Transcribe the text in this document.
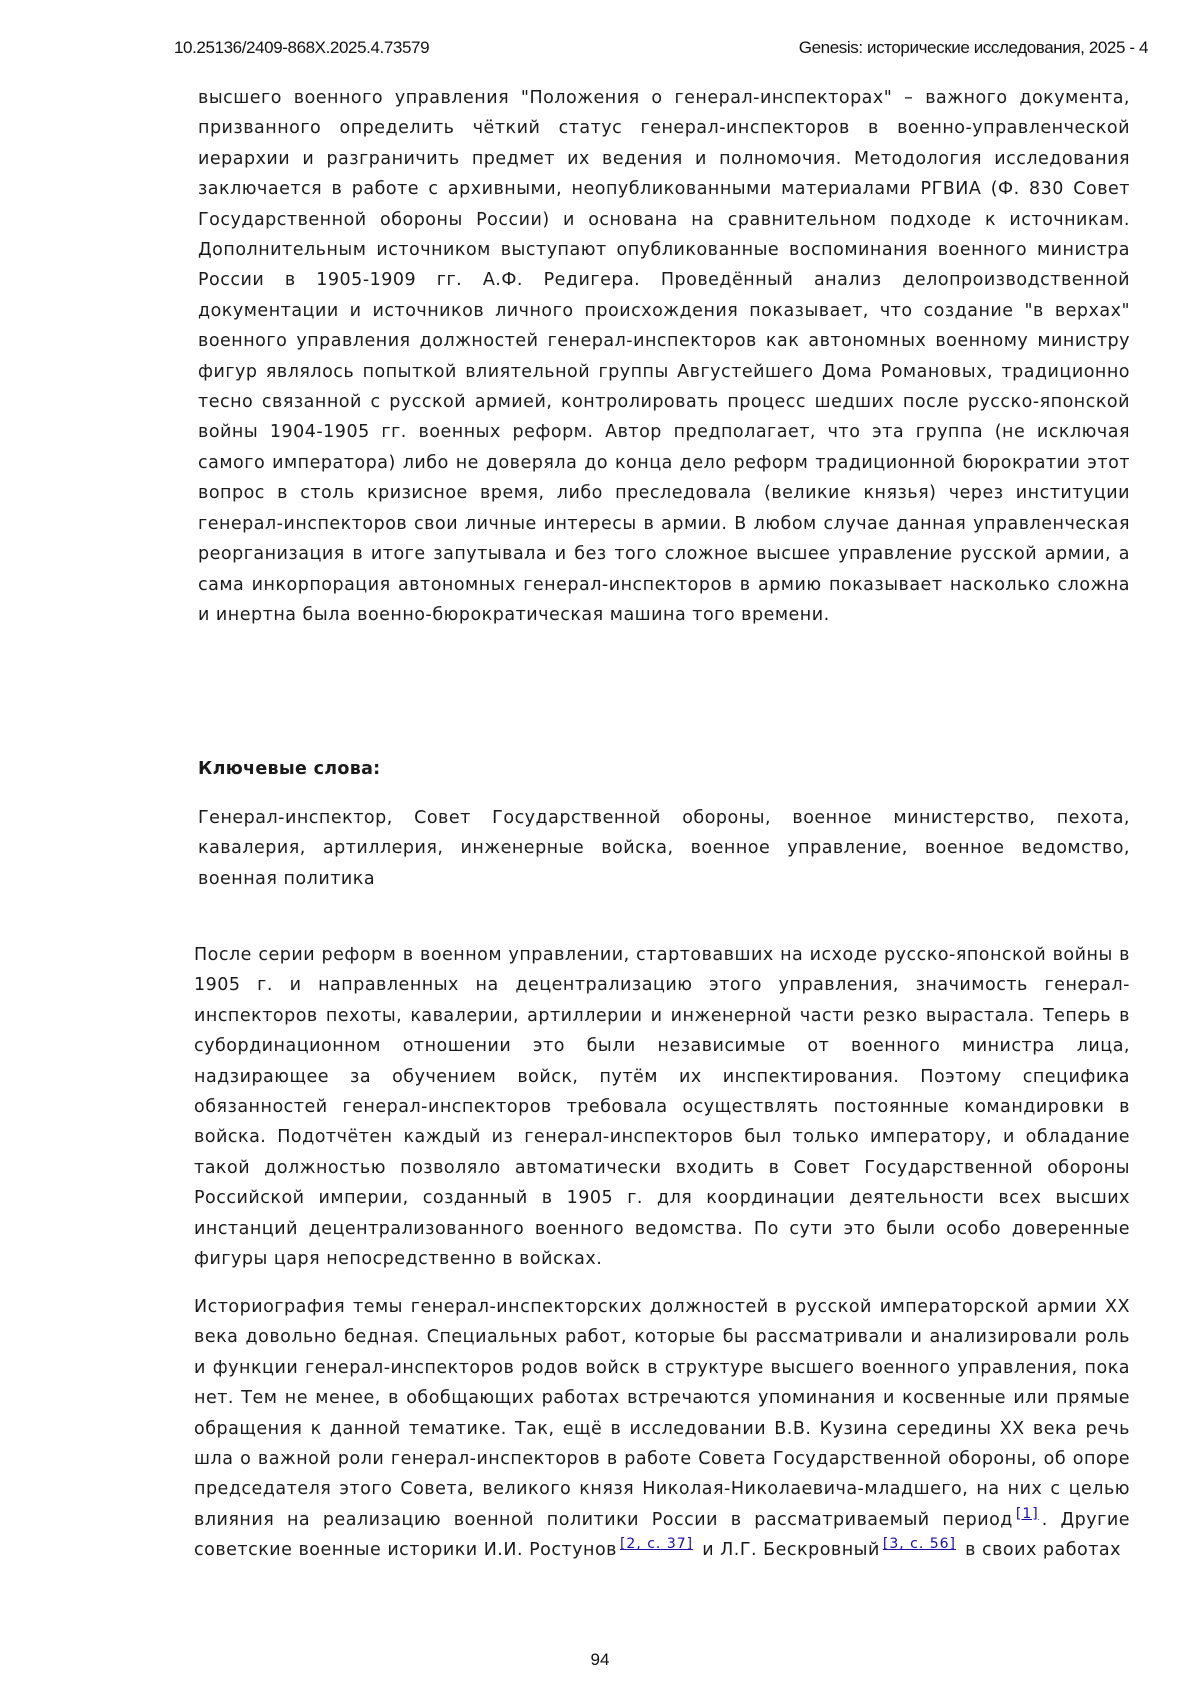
10.25136/2409-868X.2025.4.73579	Genesis: исторические исследования, 2025 - 4

высшего военного управления "Положения о генерал-инспекторах" – важного документа, призванного определить чёткий статус генерал-инспекторов в военно-управленческой иерархии и разграничить предмет их ведения и полномочия. Методология исследования заключается в работе с архивными, неопубликованными материалами РГВИА (Ф. 830 Совет Государственной обороны России) и основана на сравнительном подходе к источникам. Дополнительным источником выступают опубликованные воспоминания военного министра России в 1905-1909 гг. А.Ф. Редигера. Проведённый анализ делопроизводственной документации и источников личного происхождения показывает, что создание "в верхах" военного управления должностей генерал-инспекторов как автономных военному министру фигур являлось попыткой влиятельной группы Августейшего Дома Романовых, традиционно тесно связанной с русской армией, контролировать процесс шедших после русско-японской войны 1904-1905 гг. военных реформ. Автор предполагает, что эта группа (не исключая самого императора) либо не доверяла до конца дело реформ традиционной бюрократии этот вопрос в столь кризисное время, либо преследовала (великие князья) через институции генерал-инспекторов свои личные интересы в армии. В любом случае данная управленческая реорганизация в итоге запутывала и без того сложное высшее управление русской армии, а сама инкорпорация автономных генерал-инспекторов в армию показывает насколько сложна и инертна была военно-бюрократическая машина того времени.

Ключевые слова:

Генерал-инспектор, Совет Государственной обороны, военное министерство, пехота, кавалерия, артиллерия, инженерные войска, военное управление, военное ведомство, военная политика

После серии реформ в военном управлении, стартовавших на исходе русско-японской войны в 1905 г. и направленных на децентрализацию этого управления, значимость генерал-инспекторов пехоты, кавалерии, артиллерии и инженерной части резко вырастала. Теперь в субординационном отношении это были независимые от военного министра лица, надзирающее за обучением войск, путём их инспектирования. Поэтому специфика обязанностей генерал-инспекторов требовала осуществлять постоянные командировки в войска. Подотчётен каждый из генерал-инспекторов был только императору, и обладание такой должностью позволяло автоматически входить в Совет Государственной обороны Российской империи, созданный в 1905 г. для координации деятельности всех высших инстанций децентрализованного военного ведомства. По сути это были особо доверенные фигуры царя непосредственно в войсках.

Историография темы генерал-инспекторских должностей в русской императорской армии XX века довольно бедная. Специальных работ, которые бы рассматривали и анализировали роль и функции генерал-инспекторов родов войск в структуре высшего военного управления, пока нет. Тем не менее, в обобщающих работах встречаются упоминания и косвенные или прямые обращения к данной тематике. Так, ещё в исследовании В.В. Кузина середины XX века речь шла о важной роли генерал-инспекторов в работе Совета Государственной обороны, об опоре председателя этого Совета, великого князя Николая-Николаевича-младшего, на них с целью влияния на реализацию военной политики России в рассматриваемый период [1] . Другие советские военные историки И.И. Ростунов [2, с. 37] и Л.Г. Бескровный [3, с. 56] в своих работах

94
